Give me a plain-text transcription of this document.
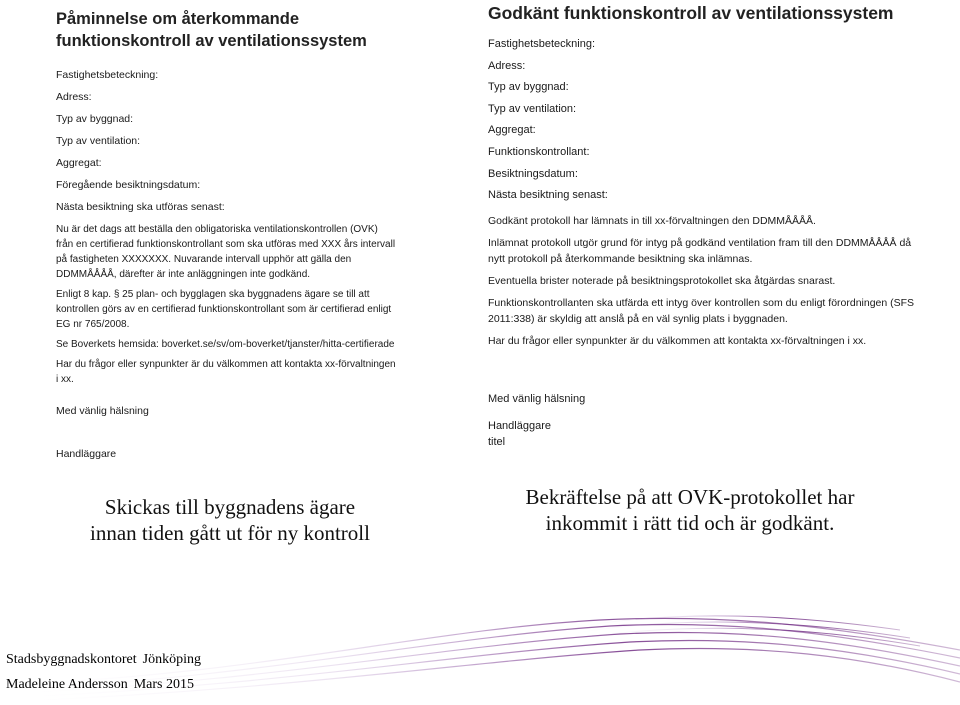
Påminnelse om återkommande funktionskontroll av ventilationssystem

Fastighetsbeteckning:

Adress:

Typ av byggnad:

Typ av ventilation:

Aggregat:

Föregående besiktningsdatum:

Nästa besiktning ska utföras senast:

Nu är det dags att beställa den obligatoriska ventilationskontrollen (OVK) från en certifierad funktionskontrollant som ska utföras med XXX års intervall på fastigheten XXXXXXX. Nuvarande intervall upphör att gälla den DDMMÅÅÅÅ, därefter är inte anläggningen inte godkänd.

Enligt 8 kap. § 25 plan- och bygglagen ska byggnadens ägare se till att kontrollen görs av en certifierad funktionskontrollant som är certifierad enligt EG nr 765/2008.

Se Boverkets hemsida: boverket.se/sv/om-boverket/tjanster/hitta-certifierade

Har du frågor eller synpunkter är du välkommen att kontakta xx-förvaltningen i xx.

Med vänlig hälsning

Handläggare

Godkänt funktionskontroll av ventilationssystem

Fastighetsbeteckning:

Adress:

Typ av byggnad:

Typ av ventilation:

Aggregat:

Funktionskontrollant:

Besiktningsdatum:

Nästa besiktning senast:

Godkänt protokoll har lämnats in till xx-förvaltningen den DDMMÅÅÅÅ.

Inlämnat protokoll utgör grund för intyg på godkänd ventilation fram till den DDMMÅÅÅÅ då nytt protokoll på återkommande besiktning ska inlämnas.

Eventuella brister noterade på besiktningsprotokollet ska åtgärdas snarast.

Funktionskontrollanten ska utfärda ett intyg över kontrollen som du enligt förordningen (SFS 2011:338) är skyldig att anslå på en väl synlig plats i byggnaden.

Har du frågor eller synpunkter är du välkommen att kontakta xx-förvaltningen i xx.

Med vänlig hälsning

Handläggare
titel
Skickas till byggnadens ägare
innan tiden gått ut för ny kontroll
Bekräftelse på att OVK-protokollet har
inkommit i rätt tid och är godkänt.
Stadsbyggnadskontoret Jönköping
Madeleine Andersson Mars 2015
